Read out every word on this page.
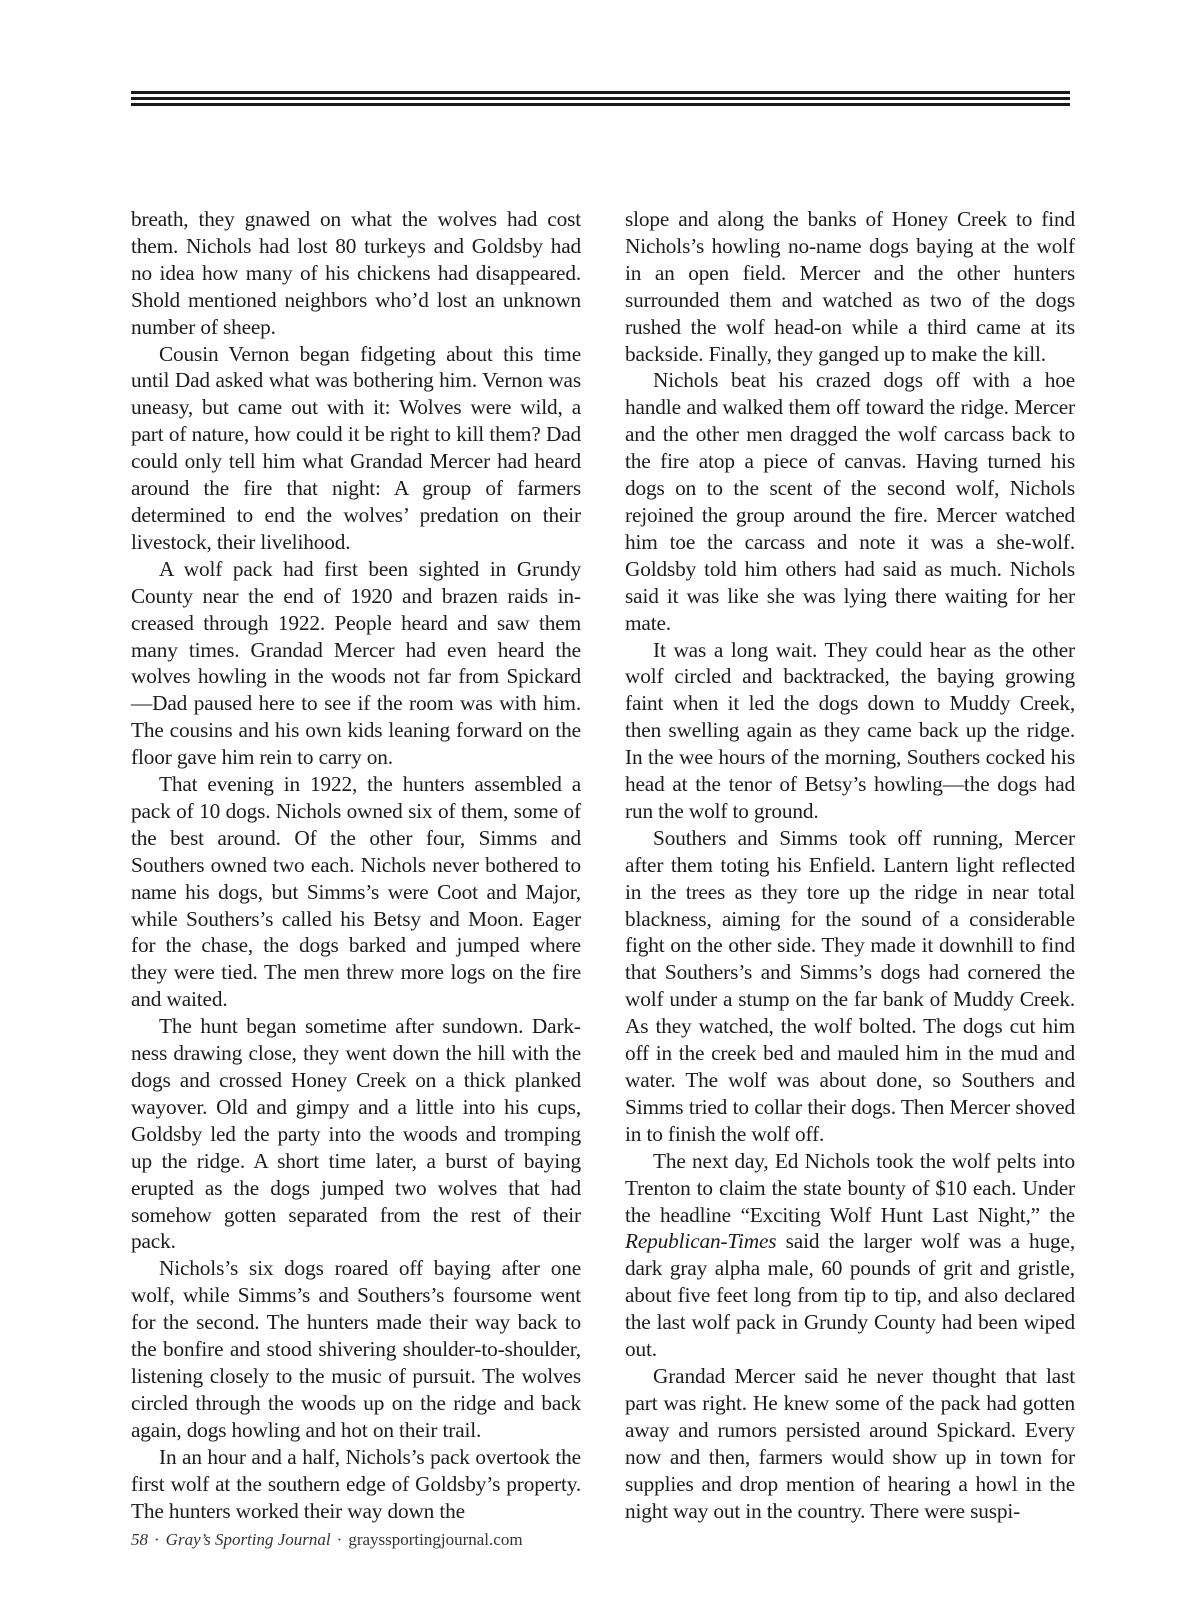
breath, they gnawed on what the wolves had cost them. Nichols had lost 80 turkeys and Goldsby had no idea how many of his chickens had disappeared. Shold mentioned neighbors who’d lost an unknown number of sheep.

Cousin Vernon began fidgeting about this time until Dad asked what was bothering him. Vernon was uneasy, but came out with it: Wolves were wild, a part of nature, how could it be right to kill them? Dad could only tell him what Grandad Mercer had heard around the fire that night: A group of farmers determined to end the wolves’ predation on their livestock, their livelihood.

A wolf pack had first been sighted in Grundy County near the end of 1920 and brazen raids increased through 1922. People heard and saw them many times. Grandad Mercer had even heard the wolves howling in the woods not far from Spickard—Dad paused here to see if the room was with him. The cousins and his own kids leaning forward on the floor gave him rein to carry on.

That evening in 1922, the hunters assembled a pack of 10 dogs. Nichols owned six of them, some of the best around. Of the other four, Simms and Southers owned two each. Nichols never bothered to name his dogs, but Simms’s were Coot and Major, while Southers’s called his Betsy and Moon. Eager for the chase, the dogs barked and jumped where they were tied. The men threw more logs on the fire and waited.

The hunt began sometime after sundown. Darkness drawing close, they went down the hill with the dogs and crossed Honey Creek on a thick planked wayover. Old and gimpy and a little into his cups, Goldsby led the party into the woods and tromping up the ridge. A short time later, a burst of baying erupted as the dogs jumped two wolves that had somehow gotten separated from the rest of their pack.

Nichols’s six dogs roared off baying after one wolf, while Simms’s and Southers’s foursome went for the second. The hunters made their way back to the bonfire and stood shivering shoulder-to-shoulder, listening closely to the music of pursuit. The wolves circled through the woods up on the ridge and back again, dogs howling and hot on their trail.

In an hour and a half, Nichols’s pack overtook the first wolf at the southern edge of Goldsby’s property. The hunters worked their way down the

slope and along the banks of Honey Creek to find Nichols’s howling no-name dogs baying at the wolf in an open field. Mercer and the other hunters surrounded them and watched as two of the dogs rushed the wolf head-on while a third came at its backside. Finally, they ganged up to make the kill.

Nichols beat his crazed dogs off with a hoe handle and walked them off toward the ridge. Mercer and the other men dragged the wolf carcass back to the fire atop a piece of canvas. Having turned his dogs on to the scent of the second wolf, Nichols rejoined the group around the fire. Mercer watched him toe the carcass and note it was a she-wolf. Goldsby told him others had said as much. Nichols said it was like she was lying there waiting for her mate.

It was a long wait. They could hear as the other wolf circled and backtracked, the baying growing faint when it led the dogs down to Muddy Creek, then swelling again as they came back up the ridge. In the wee hours of the morning, Southers cocked his head at the tenor of Betsy’s howling—the dogs had run the wolf to ground.

Southers and Simms took off running, Mercer after them toting his Enfield. Lantern light reflected in the trees as they tore up the ridge in near total blackness, aiming for the sound of a considerable fight on the other side. They made it downhill to find that Southers’s and Simms’s dogs had cornered the wolf under a stump on the far bank of Muddy Creek. As they watched, the wolf bolted. The dogs cut him off in the creek bed and mauled him in the mud and water. The wolf was about done, so Southers and Simms tried to collar their dogs. Then Mercer shoved in to finish the wolf off.

The next day, Ed Nichols took the wolf pelts into Trenton to claim the state bounty of $10 each. Under the headline “Exciting Wolf Hunt Last Night,” the Republican-Times said the larger wolf was a huge, dark gray alpha male, 60 pounds of grit and gristle, about five feet long from tip to tip, and also declared the last wolf pack in Grundy County had been wiped out.

Grandad Mercer said he never thought that last part was right. He knew some of the pack had gotten away and rumors persisted around Spickard. Every now and then, farmers would show up in town for supplies and drop mention of hearing a howl in the night way out in the country. There were suspi-

58 · Gray’s Sporting Journal · grayssportingjournal.com
